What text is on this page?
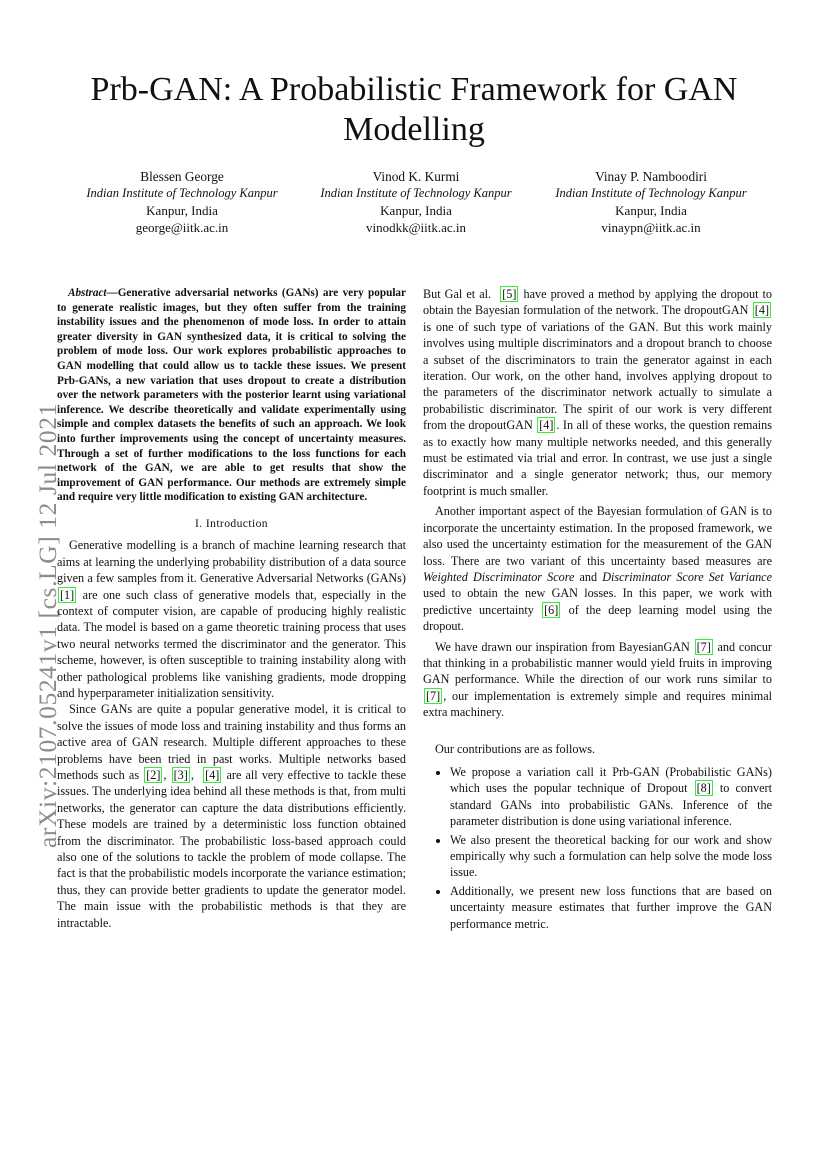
arXiv:2107.05241v1 [cs.LG] 12 Jul 2021
Prb-GAN: A Probabilistic Framework for GAN Modelling
Blessen George
Indian Institute of Technology Kanpur
Kanpur, India
george@iitk.ac.in
Vinod K. Kurmi
Indian Institute of Technology Kanpur
Kanpur, India
vinodkk@iitk.ac.in
Vinay P. Namboodiri
Indian Institute of Technology Kanpur
Kanpur, India
vinaypn@iitk.ac.in

Abstract—Generative adversarial networks (GANs) are very popular to generate realistic images, but they often suffer from the training instability issues and the phenomenon of mode loss. In order to attain greater diversity in GAN synthesized data, it is critical to solving the problem of mode loss. Our work explores probabilistic approaches to GAN modelling that could allow us to tackle these issues. We present Prb-GANs, a new variation that uses dropout to create a distribution over the network parameters with the posterior learnt using variational inference. We describe theoretically and validate experimentally using simple and complex datasets the benefits of such an approach. We look into further improvements using the concept of uncertainty measures. Through a set of further modifications to the loss functions for each network of the GAN, we are able to get results that show the improvement of GAN performance. Our methods are extremely simple and require very little modification to existing GAN architecture.

I. Introduction

Generative modelling is a branch of machine learning research that aims at learning the underlying probability distribution of a data source given a few samples from it. Generative Adversarial Networks (GANs) [1] are one such class of generative models that, especially in the context of computer vision, are capable of producing highly realistic data. The model is based on a game theoretic training process that uses two neural networks termed the discriminator and the generator. This scheme, however, is often susceptible to training instability along with other pathological problems like vanishing gradients, mode dropping and hyperparameter initialization sensitivity.

Since GANs are quite a popular generative model, it is critical to solve the issues of mode loss and training instability and thus forms an active area of GAN research. Multiple different approaches to these problems have been tried in past works. Multiple networks based methods such as [2] , [3] , [4] are all very effective to tackle these issues. The underlying idea behind all these methods is that, from multi networks, the generator can capture the data distributions efficiently. These models are trained by a deterministic loss function obtained from the discriminator. The probabilistic loss-based approach could also one of the solutions to tackle the problem of mode collapse. The fact is that the probabilistic models incorporate the variance estimation; thus, they can provide better gradients to update the generator model. The main issue with the probabilistic methods is that they are intractable.

But Gal et al. [5] have proved a method by applying the dropout to obtain the Bayesian formulation of the network. The dropoutGAN [4] is one of such type of variations of the GAN. But this work mainly involves using multiple discriminators and a dropout branch to choose a subset of the discriminators to train the generator against in each iteration. Our work, on the other hand, involves applying dropout to the parameters of the discriminator network actually to simulate a probabilistic discriminator. The spirit of our work is very different from the dropoutGAN [4] . In all of these works, the question remains as to exactly how many multiple networks needed, and this generally must be estimated via trial and error. In contrast, we use just a single discriminator and a single generator network; thus, our memory footprint is much smaller.

Another important aspect of the Bayesian formulation of GAN is to incorporate the uncertainty estimation. In the proposed framework, we also used the uncertainty estimation for the measurement of the GAN loss. There are two variant of this uncertainty based measures are Weighted Discriminator Score and Discriminator Score Set Variance used to obtain the new GAN losses. In this paper, we work with predictive uncertainty [6] of the deep learning model using the dropout.

We have drawn our inspiration from BayesianGAN [7] and concur that thinking in a probabilistic manner would yield fruits in improving GAN performance. While the direction of our work runs similar to [7] , our implementation is extremely simple and requires minimal extra machinery.

Our contributions are as follows.

• We propose a variation call it Prb-GAN (Probabilistic GANs) which uses the popular technique of Dropout [8] to convert standard GANs into probabilistic GANs. Inference of the parameter distribution is done using variational inference.
• We also present the theoretical backing for our work and show empirically why such a formulation can help solve the mode loss issue.
• Additionally, we present new loss functions that are based on uncertainty measure estimates that further improve the GAN performance metric.
